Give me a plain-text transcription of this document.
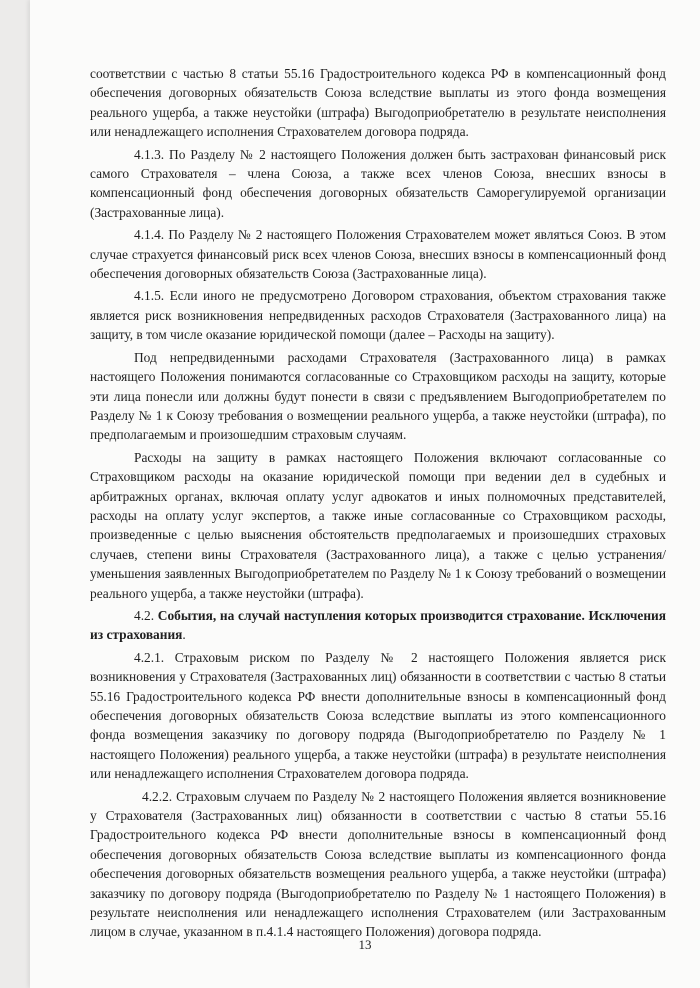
соответствии с частью 8 статьи 55.16 Градостроительного кодекса РФ в компенсационный фонд обеспечения договорных обязательств Союза вследствие выплаты из этого фонда возмещения реального ущерба, а также неустойки (штрафа) Выгодоприобретателю в результате неисполнения или ненадлежащего исполнения Страхователем договора подряда.

4.1.3. По Разделу № 2 настоящего Положения должен быть застрахован финансовый риск самого Страхователя – члена Союза, а также всех членов Союза, внесших взносы в компенсационный фонд обеспечения договорных обязательств Саморегулируемой организации (Застрахованные лица).

4.1.4. По Разделу № 2 настоящего Положения Страхователем может являться Союз. В этом случае страхуется финансовый риск всех членов Союза, внесших взносы в компенсационный фонд обеспечения договорных обязательств Союза (Застрахованные лица).

4.1.5. Если иного не предусмотрено Договором страхования, объектом страхования также является риск возникновения непредвиденных расходов Страхователя (Застрахованного лица) на защиту, в том числе оказание юридической помощи (далее – Расходы на защиту).

Под непредвиденными расходами Страхователя (Застрахованного лица) в рамках настоящего Положения понимаются согласованные со Страховщиком расходы на защиту, которые эти лица понесли или должны будут понести в связи с предъявлением Выгодоприобретателем по Разделу № 1 к Союзу требования о возмещении реального ущерба, а также неустойки (штрафа), по предполагаемым и произошедшим страховым случаям.

Расходы на защиту в рамках настоящего Положения включают согласованные со Страховщиком расходы на оказание юридической помощи при ведении дел в судебных и арбитражных органах, включая оплату услуг адвокатов и иных полномочных представителей, расходы на оплату услуг экспертов, а также иные согласованные со Страховщиком расходы, произведенные с целью выяснения обстоятельств предполагаемых и произошедших страховых случаев, степени вины Страхователя (Застрахованного лица), а также с целью устранения/уменьшения заявленных Выгодоприобретателем по Разделу № 1 к Союзу требований о возмещении реального ущерба, а также неустойки (штрафа).

4.2. События, на случай наступления которых производится страхование. Исключения из страхования.

4.2.1. Страховым риском по Разделу № 2 настоящего Положения является риск возникновения у Страхователя (Застрахованных лиц) обязанности в соответствии с частью 8 статьи 55.16 Градостроительного кодекса РФ внести дополнительные взносы в компенсационный фонд обеспечения договорных обязательств Союза вследствие выплаты из этого компенсационного фонда возмещения заказчику по договору подряда (Выгодоприобретателю по Разделу № 1 настоящего Положения) реального ущерба, а также неустойки (штрафа) в результате неисполнения или ненадлежащего исполнения Страхователем договора подряда.

4.2.2. Страховым случаем по Разделу № 2 настоящего Положения является возникновение у Страхователя (Застрахованных лиц) обязанности в соответствии с частью 8 статьи 55.16 Градостроительного кодекса РФ внести дополнительные взносы в компенсационный фонд обеспечения договорных обязательств Союза вследствие выплаты из компенсационного фонда обеспечения договорных обязательств возмещения реального ущерба, а также неустойки (штрафа) заказчику по договору подряда (Выгодоприобретателю по Разделу № 1 настоящего Положения) в результате неисполнения или ненадлежащего исполнения Страхователем (или Застрахованным лицом в случае, указанном в п.4.1.4 настоящего Положения) договора подряда.

13
